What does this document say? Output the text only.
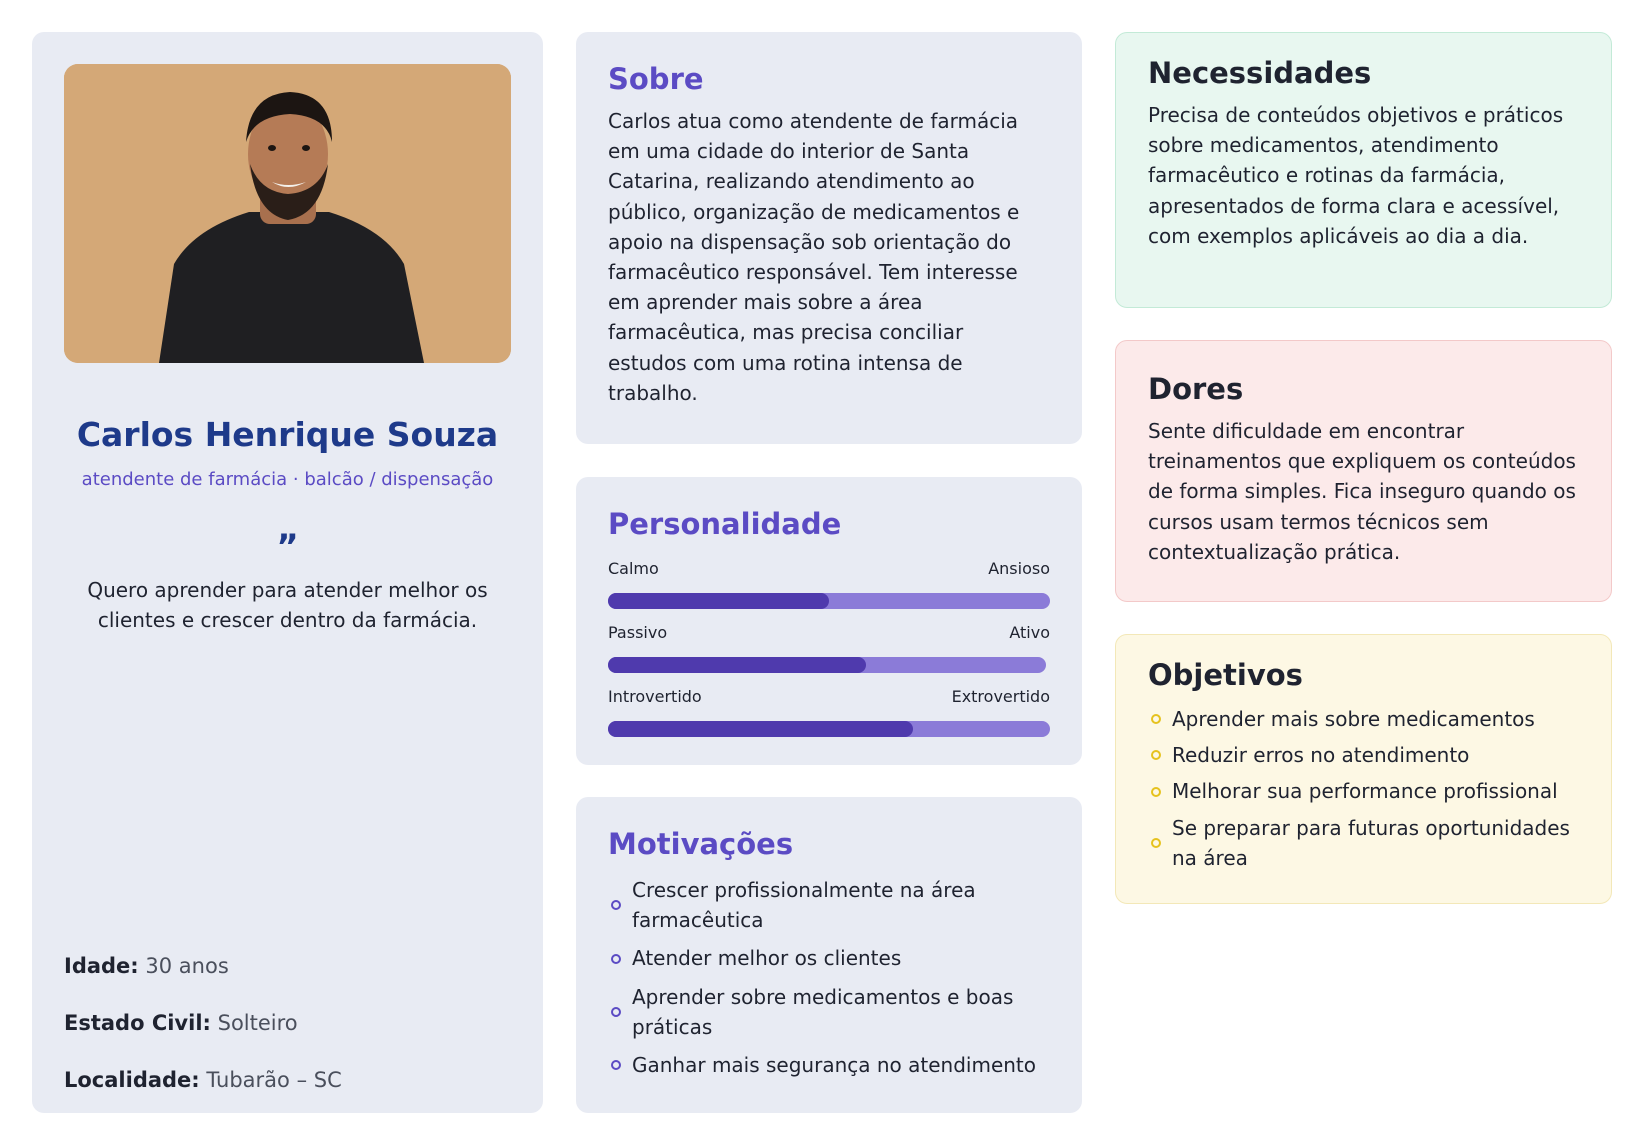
Carlos Henrique Souza
atendente de farmácia · balcão / dispensação
”
Quero aprender para atender melhor os clientes e crescer dentro da farmácia.
Idade: 30 anos
Estado Civil: Solteiro
Localidade: Tubarão – SC
Sobre
Carlos atua como atendente de farmácia em uma cidade do interior de Santa Catarina, realizando atendimento ao público, organização de medicamentos e apoio na dispensação sob orientação do farmacêutico responsável. Tem interesse em aprender mais sobre a área farmacêutica, mas precisa conciliar estudos com uma rotina intensa de trabalho.
Personalidade
Calmo	Ansioso
Passivo	Ativo
Introvertido	Extrovertido
Motivações
Crescer profissionalmente na área farmacêutica
Atender melhor os clientes
Aprender sobre medicamentos e boas práticas
Ganhar mais segurança no atendimento
Necessidades
Precisa de conteúdos objetivos e práticos sobre medicamentos, atendimento farmacêutico e rotinas da farmácia, apresentados de forma clara e acessível, com exemplos aplicáveis ao dia a dia.
Dores
Sente dificuldade em encontrar treinamentos que expliquem os conteúdos de forma simples. Fica inseguro quando os cursos usam termos técnicos sem contextualização prática.
Objetivos
Aprender mais sobre medicamentos
Reduzir erros no atendimento
Melhorar sua performance profissional
Se preparar para futuras oportunidades na área
